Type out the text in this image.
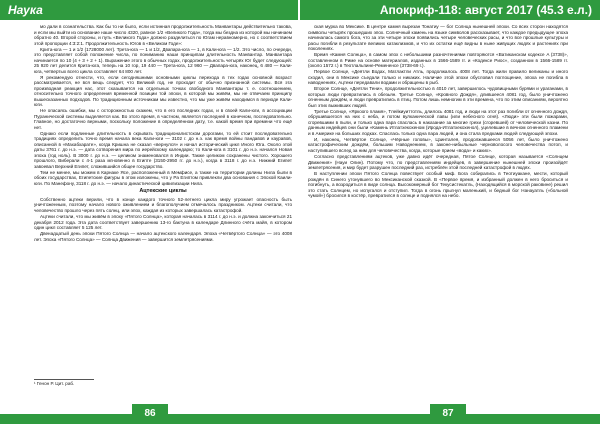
Наука	Апокриф-118: август 2017 (45.3 е.л.)

мо дали в сознательства. Как бы то ни было, если истинная продолжительность Манвантары действительно такова, и если мы выйти из основание наше число 4320, равное 1/2 «Великого Года», тогда мы бездна из которой мы начинаем обратно 40. Второй стороны, и путь «Великого Года» должно разделиться по Югам неравномерно, но с соответствием этой пропорции 4:3:2:1. Продолжительность Югов в «Великом Годе»:

Крита-юга — 1 и 1/2 (1728000 лет). Трета-юга — 1 и 1/2, Двапара-юга — 1, в Кали-юга — 1/2. Это число, по очереди, это представляет собой положение числа, по пониманию наши принципам длительность Манвантар. Манвантара начинается по 10 (4 + 3 + 2 + 1). Выражение этого в обычных годах, продолжительность четырёх Юг будет следующей: 25 920 лет делится Крита-юга, теперь на 10 гор, 19 440 — Трета-юга, 12 960 — Двапара-юга, наконец, 6 480 — Кали-юга, четвертых всего цикла составляет 64 800 лет.

Я рекомендую отнести, что, если сегодняшними основными циклы перехода в тех годах основной возраст рассматривается, не вся вещь следует, что Великий год, не проходит от обычно признанной системы. Вся эта производная реакция нас, этот сказывается на отдельных точках свободного Манвантары т. е. соотношением, относительно точного определения временной позиции той эпохи, в которой мы живём, мы не отвечаем принципу вышесказанных подходов. По традиционным источникам мы известно, что мы уже живём находимся в периоде Кали-юги.

Не опасаясь ошибки, мы с осторожностью скажем, что в его последних годах, и в своей Кали-юги, в ассоциации Пуранической системы выделяется как. Во этого время, в частном, является последней в конечном, последовательно. Главное, но достаточно верными, поскольку положение в определённом дату, т.е. какой время при времени что ещё нет.

Однако если подлинные длительность в скрывать традиционалистском дорогами, то ей стоит последовательно традициях определить точно время начала века Кали-юги — 3102 г. до н.э. как время войны пандавов и кауравов, описанной в «Махабхарате», когда Кришна не сказал «вернулся» и начал исторический цикл Иного Юга. Около этой даты 3761 г. до н.э. — дата сотворения мира по иерейскому календарю; то Кали-юга в 3101 г. до н.э. начался Новая эпоха (год ноль). В 3000 г. до н.э. — целиком знаменовался в Индии. Также целиком сохранены чистого. Хорошего прошлого, Виберали с 4-1 раза мгновенно в Египте (3150-2950 гг. до н.э.), когда в 3118 г. до н.э. Нижний Египет завоевал Верхний Египет, сложившийся общее государство.

Тем не менее, мы можем в Карнаке Ясе, расположенный в Мемфисе, а также на территории долины Нила были в обоих государствах, Египетские фигуры в этом изложены, что у Ра Египтом привлекли два основания с Эпохой Каили-юги. По Манефону, 3118 г. до н.э. — начало династической цивилизации Нила.

Ацтекские циклы

Собственно ацтеки верили, что в конце каждого точного 52-летнего цикла миру угрожает опасность быть уничтоженным, поэтому начало нового оживлением и благополучием отмечалось праздником. Ацтеки считали, что человечество прошло через пять солнц, или эпох, каждая из которых завершалась катастрофой.

Ацтеки считали, что мы живём в эпоху «Пятого Солнца», которая началась в 3114 г. до н.э. и должна закончиться 21 декабря 2012 года. Эта дата соответствует завершению 13-го бактуна в календаре Длинного счёта майя, в котором один цикл составляет 5 125 лет.

Двенадцатый день эпохи Пятого Солнца — начало ацтекского календаря. Эпоха «Четвёртого Солнца» — это 4008 лет. Эпоха «Пятого Солнца» — Солнца Движения — завершится землетрясениями.

¹ Генон Р. Цит. раб.

ская мурка во Мексике. В центре камня вырезан Тонатиу — бог Солнца нынешней эпохи. Со всех сторон находятся символы четырёх прошедших эпох. Солнечный камень на языке символов рассказывает, что каждое предыдущее эпоха начиналась самого бога, что за эти четыре эпохи появились четыре человеческих расы, и что все прошлые культуры и расы погибли в результате великих катаклизмов, и что их остатки ещё видны в ныне живущих людях и растениях при поколениях.

Время «Камня Солнца», в самом эпох с небольшими разночтениями повторяются «Ватиканском кодексе A (3738)», составленном в Риме на основе материалов, изданных в 1566-1589 гг. и «Кодексе Риос», созданном в 1566-1589 гг. (около 1572 г.) в Теотлальпине-Ремененсе (3738-69 г.).

Первое Солнце, «Деятли Водах, Матлактли Атль, продолжалось 4008 лет. Тогда жили правило великаны и иного сходил, они в Мексике съедали только и никаких. Наличие этой эпохи обусловил поглощение, эпоха не погибла в наводнениях, Ацтеки передавали водами и обращены в рыб.

Второе Солнце, «Деятли Тени», продолжительностью в 4010 лет, завершилось чудовищными бурями и ураганами, в которых люди превратились в обезьян. Третье Солнце, «Кровного Дождя», длившееся 4081 год, было уничтожено огненным дождём, и люди превратились в птиц. Потом лишь немногим в эти времена, что по этим описаниям, вероятно был этих выживших людей.

Третье Солнце, «Яркоого пламя», Тлейкиуиттотль, длилось 4081 год, и люди на этот раз погибли от огненного дождя, обрушившегося на них с неба, и потом вулканической лавы (или небесного огня). «Люди» эти были пожарами, сгоревшими в пыли, и только одна пара спаслась в наказание за многие грехи (сгоревшей) от человеческой казни. По данным индейцев они были «Камень Итлатхекохеном (Ирода-Итлатхекохенол), уцелевшие в вечном огненного пламени и в Америке на больших лодках. Спаслась только одна пара людей, и она стала предками людей следующей эпохи.

И, наконец, Четвёртое Солнце, «Чёрные головы», Цзинталея, продолжавшееся 5056 лет, было уничтожено катастрофическим дождём, большим Наводнением, в законе-нибыльные черноволосого человечества потоп, и наступившего вслед за ним для человечества, когда, которые прием «вода» и каких».

Согласно представлениям ацтеков, уже давно идёт очередная, Пятое Солнце, которая называется «Солнцем Движения» (Науи Олин). Потому что, по представлениям индейцев, в завершение нынешней эпохи произойдёт землетрясения, и мир будет разрушен последний раз, истреблён этой последней катастрофой в людях.

В наступлении эпохи Пятого Солнца повествует особый миф. Бога собирались в Теотиуакане, мести, который рождён в Синего утонувшего во Мексиканской сказкой. В «Первое время, и избранный должен в него броситься и погибнуть, а возродиться в виде солнца. Высокомерный бог Текусистекатль, (Находящийся в морской раковине) решил это стать Солнцем, но испугался и отступил. Тогда в огонь прыгнул маленький, и бедный бог Нанауатль («больной чумой») бросился в костёр, превратился в солнце и поднялся на небо.

86	87
